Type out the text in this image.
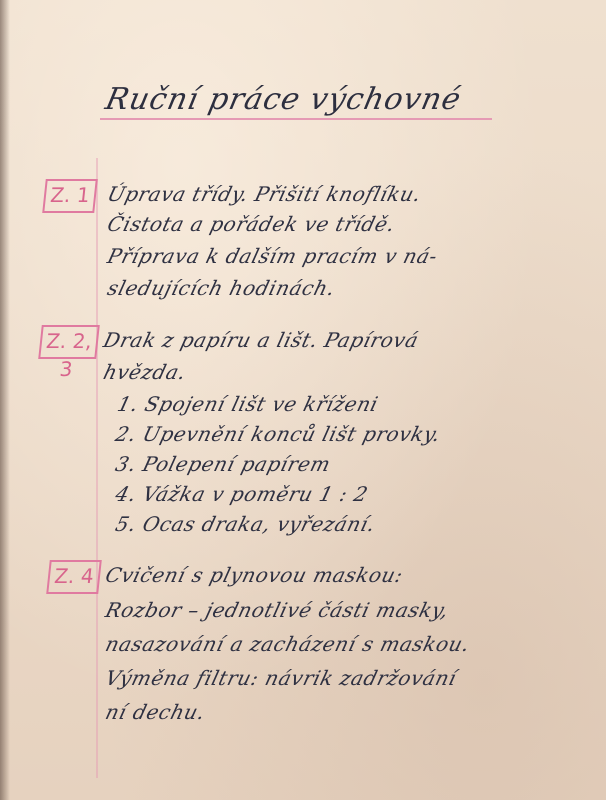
Ruční práce výchovné
Z. 1 Úprava třídy. Přišití knoflíku.
Čistota a pořádek ve třídě.
Příprava k dalším pracím v ná-
sledujících hodinách.
Z. 2, 3
Drak z papíru a lišt. Papírová
hvězda.
1. Spojení lišt ve kříženi
2. Upevnění konců lišt provky.
3. Polepení papírem
4. Vážka v poměru 1 : 2
5. Ocas draka, vyřezání.
Z. 4 Cvičení s plynovou maskou:
Rozbor – jednotlivé části masky,
nasazování a zacházení s maskou.
Výměna filtru: návrik zadržování
ní dechu.
